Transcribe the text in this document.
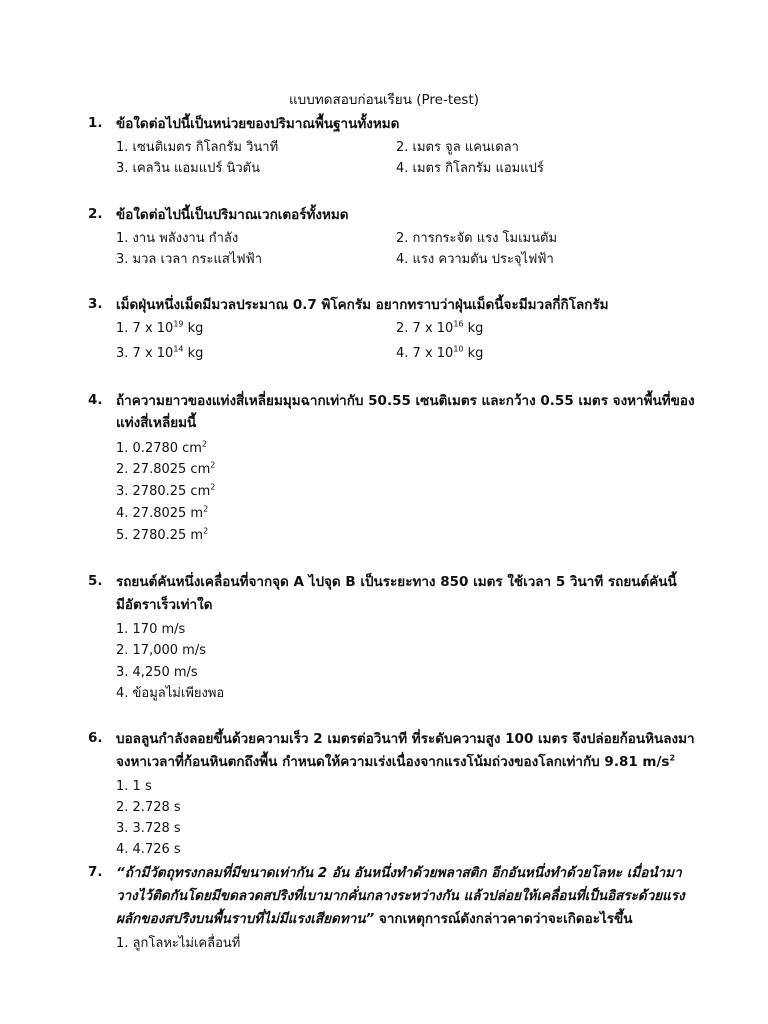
แบบทดสอบก่อนเรียน (Pre-test)
1. ข้อใดต่อไปนี้เป็นหน่วยของปริมาณพื้นฐานทั้งหมด
1. เซนติเมตร กิโลกรัม วินาที	2. เมตร จูล แคนเดลา
3. เคลวิน แอมแปร์ นิวตัน	4. เมตร กิโลกรัม แอมแปร์
2. ข้อใดต่อไปนี้เป็นปริมาณเวกเตอร์ทั้งหมด
1. งาน พลังงาน กำลัง	2. การกระจัด แรง โมเมนตัม
3. มวล เวลา กระแสไฟฟ้า	4. แรง ความดัน ประจุไฟฟ้า
3. เม็ดฝุ่นหนึ่งเม็ดมีมวลประมาณ 0.7 พิโคกรัม อยากทราบว่าฝุ่นเม็ดนี้จะมีมวลกี่กิโลกรัม
1. 7 x $10^{19}$ kg	2. 7 x $10^{16}$ kg
3. 7 x $10^{14}$ kg	4. 7 x $10^{10}$ kg
4. ถ้าความยาวของแท่งสี่เหลี่ยมมุมฉากเท่ากับ 50.55 เซนติเมตร และกว้าง 0.55 เมตร จงหาพื้นที่ของ
แท่งสี่เหลี่ยมนี้
1. 0.2780 $cm^2$
2. 27.8025 $cm^2$
3. 2780.25 $cm^2$
4. 27.8025 $m^2$
5. 2780.25 $m^2$
5. รถยนต์คันหนึ่งเคลื่อนที่จากจุด A ไปจุด B เป็นระยะทาง 850 เมตร ใช้เวลา 5 วินาที รถยนต์คันนี้
มีอัตราเร็วเท่าใด
1. 170 m/s
2. 17,000 m/s
3. 4,250 m/s
4. ข้อมูลไม่เพียงพอ
6. บอลลูนกำลังลอยขึ้นด้วยความเร็ว 2 เมตรต่อวินาที ที่ระดับความสูง 100 เมตร จึงปล่อยก้อนหินลงมา
จงหาเวลาที่ก้อนหินตกถึงพื้น กำหนดให้ความเร่งเนื่องจากแรงโน้มถ่วงของโลกเท่ากับ 9.81 $m/s^2$
1. 1 s
2. 2.728 s
3. 3.728 s
4. 4.726 s
7. “ถ้ามีวัตถุทรงกลมที่มีขนาดเท่ากัน 2 อัน อันหนึ่งทำด้วยพลาสติก อีกอันหนึ่งทำด้วยโลหะ เมื่อนำมา
วางไว้ติดกันโดยมีขดลวดสปริงที่เบามากคั่นกลางระหว่างกัน แล้วปล่อยให้เคลื่อนที่เป็นอิสระด้วยแรง
ผลักของสปริงบนพื้นราบที่ไม่มีแรงเสียดทาน” จากเหตุการณ์ดังกล่าวคาดว่าจะเกิดอะไรขึ้น
1. ลูกโลหะไม่เคลื่อนที่
